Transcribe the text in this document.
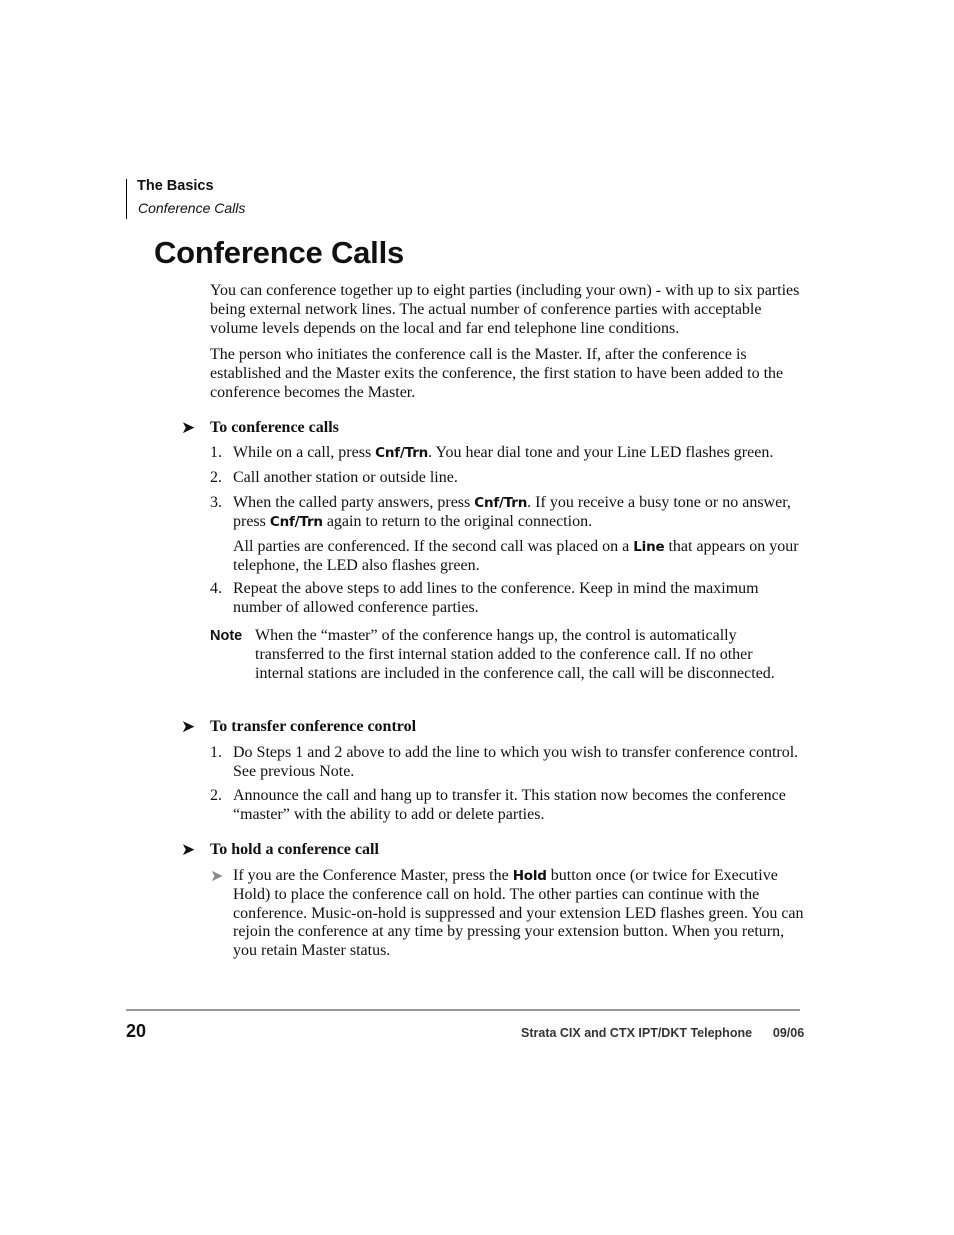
The Basics
Conference Calls
Conference Calls
You can conference together up to eight parties (including your own) - with up to six parties being external network lines. The actual number of conference parties with acceptable volume levels depends on the local and far end telephone line conditions.
The person who initiates the conference call is the Master. If, after the conference is established and the Master exits the conference, the first station to have been added to the conference becomes the Master.
➤ To conference calls
1. While on a call, press Cnf/Trn. You hear dial tone and your Line LED flashes green.
2. Call another station or outside line.
3. When the called party answers, press Cnf/Trn. If you receive a busy tone or no answer, press Cnf/Trn again to return to the original connection.
All parties are conferenced. If the second call was placed on a Line that appears on your telephone, the LED also flashes green.
4. Repeat the above steps to add lines to the conference. Keep in mind the maximum number of allowed conference parties.
Note When the “master” of the conference hangs up, the control is automatically transferred to the first internal station added to the conference call. If no other internal stations are included in the conference call, the call will be disconnected.
➤ To transfer conference control
1. Do Steps 1 and 2 above to add the line to which you wish to transfer conference control. See previous Note.
2. Announce the call and hang up to transfer it. This station now becomes the conference “master” with the ability to add or delete parties.
➤ To hold a conference call
➤ If you are the Conference Master, press the Hold button once (or twice for Executive Hold) to place the conference call on hold. The other parties can continue with the conference. Music-on-hold is suppressed and your extension LED flashes green. You can rejoin the conference at any time by pressing your extension button. When you return, you retain Master status.
20	Strata CIX and CTX IPT/DKT Telephone 09/06
